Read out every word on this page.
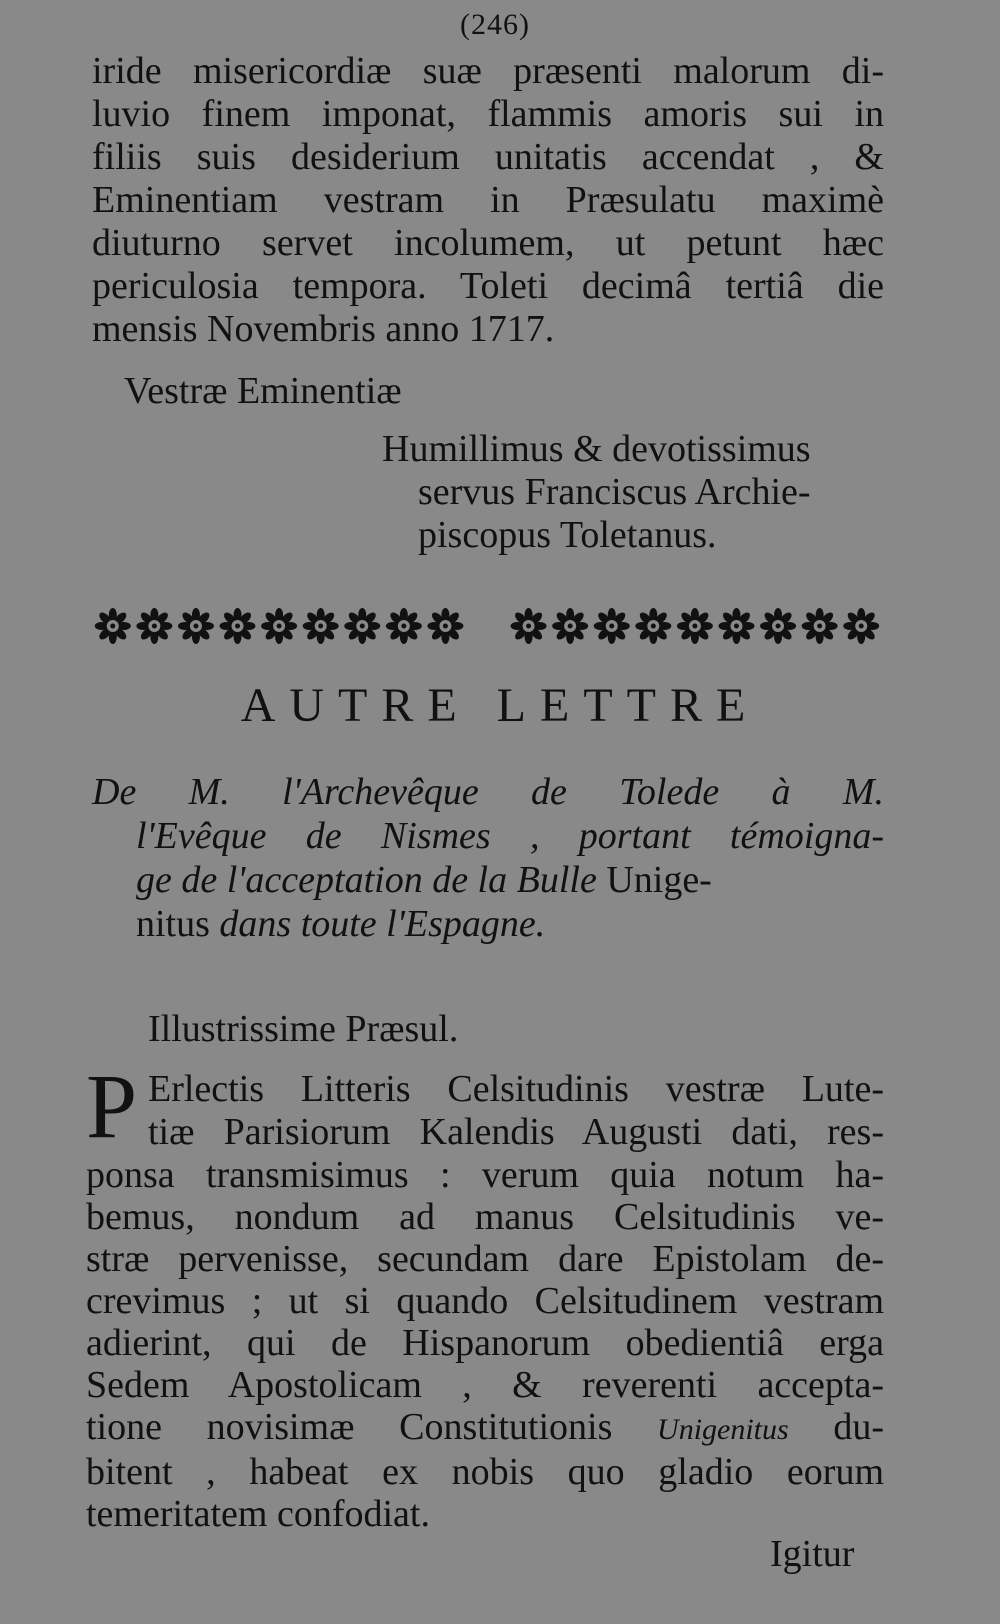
(246)
iride misericordiæ suæ præsenti malorum di-
luvio finem imponat, flammis amoris sui in
filiis suis desiderium unitatis accendat , &
Eminentiam vestram in Præsulatu maximè
diuturno servet incolumem, ut petunt hæc
periculosia tempora. Toleti decimâ tertiâ die
mensis Novembris anno 1717.
Vestræ Eminentiæ
Humillimus & devotissimus
servus Franciscus Archie-
piscopus Toletanus.
AUTRE LETTRE
De M. l'Archevêque de Tolede à M.
l'Evêque de Nismes , portant témoigna-
ge de l'acceptation de la Bulle Unige-
nitus dans toute l'Espagne.
Illustrissime Præsul.
P Erlectis Litteris Celsitudinis vestræ Lute-
tiæ Parisiorum Kalendis Augusti dati, res-
ponsa transmisimus : verum quia notum ha-
bemus, nondum ad manus Celsitudinis ve-
stræ pervenisse, secundam dare Epistolam de-
crevimus ; ut si quando Celsitudinem vestram
adierint, qui de Hispanorum obedientiâ erga
Sedem Apostolicam , & reverenti accepta-
tione novisimæ Constitutionis Unigenitus du-
bitent , habeat ex nobis quo gladio eorum
temeritatem confodiat.
Igitur
